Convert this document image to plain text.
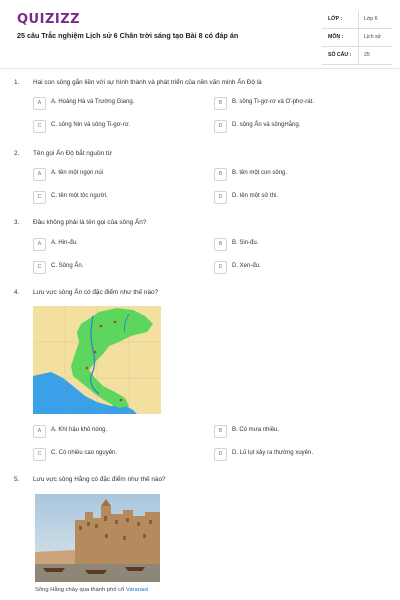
QUIZIZZ
25 câu Trắc nghiệm Lịch sử 6 Chân trời sáng tạo Bài 8 có đáp án
LỚP :	Lớp 6
MÔN :	Lịch sử
SỐ CÂU : 25
1. Hai con sông gắn liền với sự hình thành và phát triển của nền văn minh Ấn Độ là
A	A. Hoàng Hà và Trường Giang.	B	B. sông Ti-gơ-rơ và Ơ-phơ-rát.
C	C. sông Nin và sông Ti-gơ-rơ.	D	D. sông Ấn và sôngHằng.
2. Tên gọi Ấn Độ bắt nguồn từ
A	A. tên một ngọn núi	B	B. tên một con sông.
C	C. tên một tộc người.	D	D. tên một sử thi.
3. Đâu không phải là tên gọi của sông Ấn?
A	A. Hin-đu.	B	B. Sin-đu.
C	C. Sông Ấn.	D	D. Xen-đu.
4. Lưu vực sông Ấn có đặc điểm như thế nào?
A	A. Khí hậu khô nóng.	B	B. Có mưa nhiều.
C	C. Có nhiều cao nguyên.	D	D. Lũ lụt xảy ra thường xuyên.
5. Lưu vực sông Hằng có đặc điểm như thế nào?
Sông Hằng chảy qua thành phố cổ Varanasi
